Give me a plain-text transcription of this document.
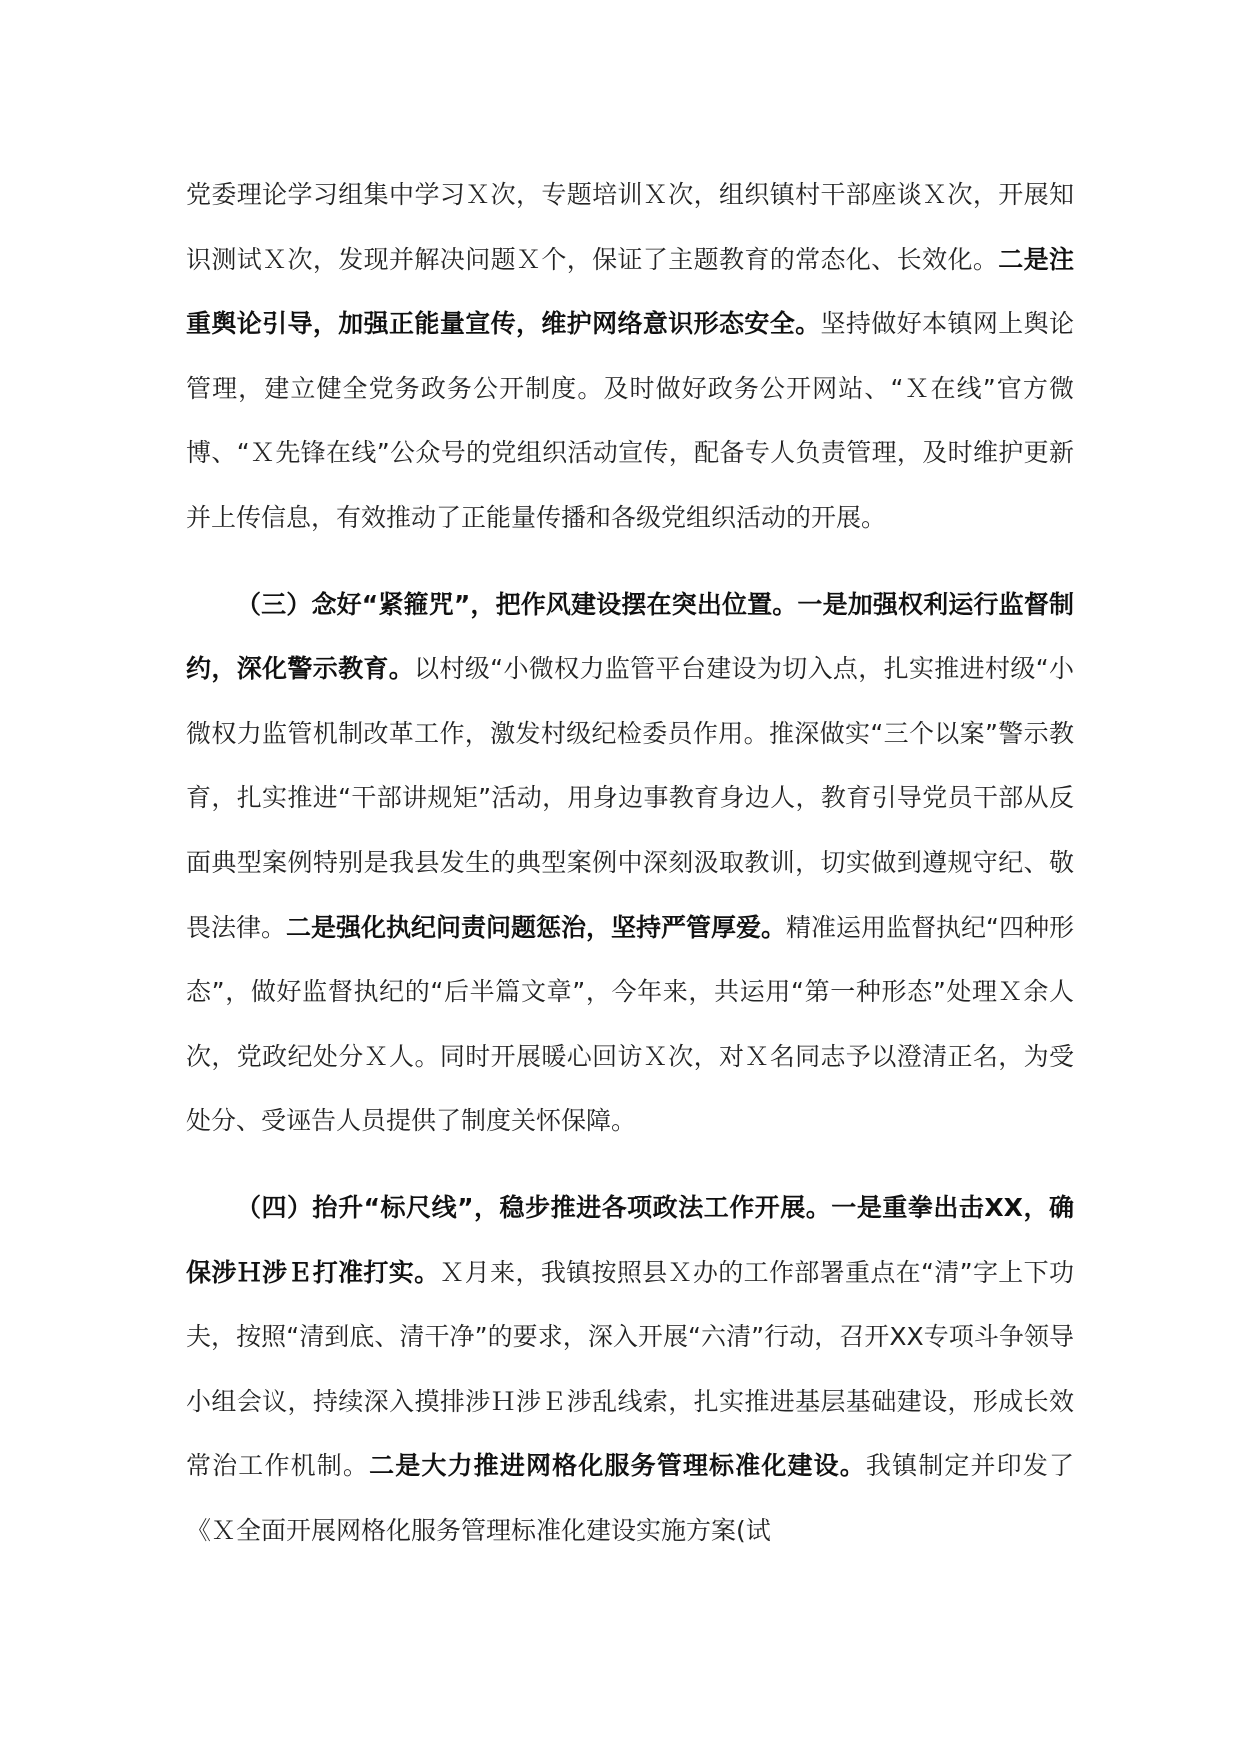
党委理论学习组集中学习Ｘ次，专题培训Ｘ次，组织镇村干部座谈Ｘ次，开展知识测试Ｘ次，发现并解决问题Ｘ个，保证了主题教育的常态化、长效化。二是注重舆论引导，加强正能量宣传，维护网络意识形态安全。坚持做好本镇网上舆论管理，建立健全党务政务公开制度。及时做好政务公开网站、“Ｘ在线”官方微博、“Ｘ先锋在线”公众号的党组织活动宣传，配备专人负责管理，及时维护更新并上传信息，有效推动了正能量传播和各级党组织活动的开展。

（三）念好“紧箍咒”，把作风建设摆在突出位置。一是加强权利运行监督制约，深化警示教育。以村级“小微权力监管平台建设为切入点，扎实推进村级“小微权力监管机制改革工作，激发村级纪检委员作用。推深做实“三个以案”警示教育，扎实推进“干部讲规矩”活动，用身边事教育身边人，教育引导党员干部从反面典型案例特别是我县发生的典型案例中深刻汲取教训，切实做到遵规守纪、敬畏法律。二是强化执纪问责问题惩治，坚持严管厚爱。精准运用监督执纪“四种形态”，做好监督执纪的“后半篇文章”，今年来，共运用“第一种形态”处理Ｘ余人次，党政纪处分Ｘ人。同时开展暖心回访Ｘ次，对Ｘ名同志予以澄清正名，为受处分、受诬告人员提供了制度关怀保障。

（四）抬升“标尺线”，稳步推进各项政法工作开展。一是重拳出击XX，确保涉Ｈ涉Ｅ打准打实。Ｘ月来，我镇按照县Ｘ办的工作部署重点在“清”字上下功夫，按照“清到底、清干净”的要求，深入开展“六清”行动，召开XX专项斗争领导小组会议，持续深入摸排涉Ｈ涉Ｅ涉乱线索，扎实推进基层基础建设，形成长效常治工作机制。二是大力推进网格化服务管理标准化建设。我镇制定并印发了《Ｘ全面开展网格化服务管理标准化建设实施方案(试
